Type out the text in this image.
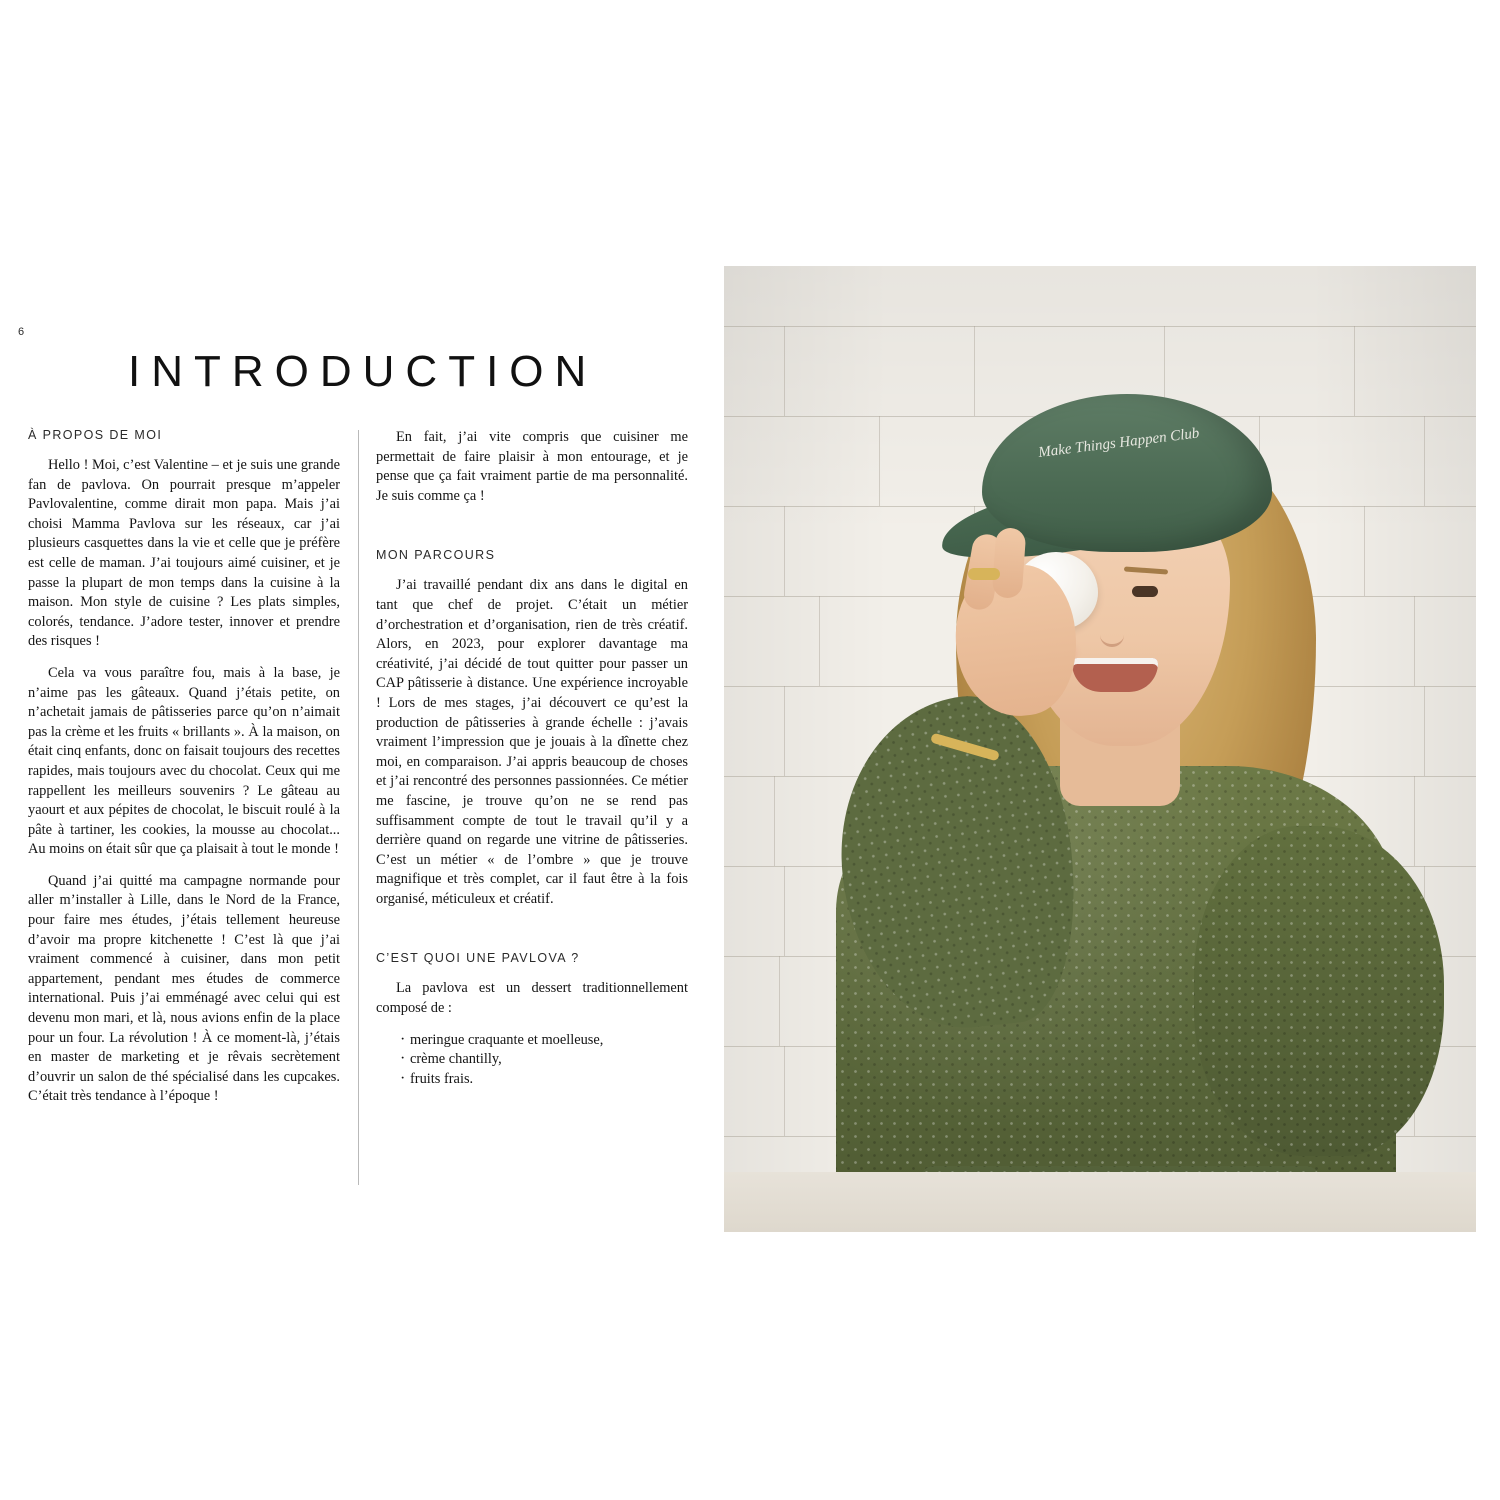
6
INTRODUCTION
À PROPOS DE MOI

Hello ! Moi, c’est Valentine – et je suis une grande fan de pavlova. On pourrait presque m’appeler Pavlovalentine, comme dirait mon papa. Mais j’ai choisi Mamma Pavlova sur les réseaux, car j’ai plusieurs casquettes dans la vie et celle que je préfère est celle de maman. J’ai toujours aimé cuisiner, et je passe la plupart de mon temps dans la cuisine à la maison. Mon style de cuisine ? Les plats simples, colorés, tendance. J’adore tester, innover et prendre des risques !

Cela va vous paraître fou, mais à la base, je n’aime pas les gâteaux. Quand j’étais petite, on n’achetait jamais de pâtisseries parce qu’on n’aimait pas la crème et les fruits « brillants ». À la maison, on était cinq enfants, donc on faisait toujours des recettes rapides, mais toujours avec du chocolat. Ceux qui me rappellent les meilleurs souvenirs ? Le gâteau au yaourt et aux pépites de chocolat, le biscuit roulé à la pâte à tartiner, les cookies, la mousse au chocolat... Au moins on était sûr que ça plaisait à tout le monde !

Quand j’ai quitté ma campagne normande pour aller m’installer à Lille, dans le Nord de la France, pour faire mes études, j’étais tellement heureuse d’avoir ma propre kitchenette ! C’est là que j’ai vraiment commencé à cuisiner, dans mon petit appartement, pendant mes études de commerce international. Puis j’ai emménagé avec celui qui est devenu mon mari, et là, nous avions enfin de la place pour un four. La révolution ! À ce moment-là, j’étais en master de marketing et je rêvais secrètement d’ouvrir un salon de thé spécialisé dans les cupcakes. C’était très tendance à l’époque !

En fait, j’ai vite compris que cuisiner me permettait de faire plaisir à mon entourage, et je pense que ça fait vraiment partie de ma personnalité. Je suis comme ça !

MON PARCOURS

J’ai travaillé pendant dix ans dans le digital en tant que chef de projet. C’était un métier d’orchestration et d’organisation, rien de très créatif. Alors, en 2023, pour explorer davantage ma créativité, j’ai décidé de tout quitter pour passer un CAP pâtisserie à distance. Une expérience incroyable ! Lors de mes stages, j’ai découvert ce qu’est la production de pâtisseries à grande échelle : j’avais vraiment l’impression que je jouais à la dînette chez moi, en comparaison. J’ai appris beaucoup de choses et j’ai rencontré des personnes passionnées. Ce métier me fascine, je trouve qu’on ne se rend pas suffisamment compte de tout le travail qu’il y a derrière quand on regarde une vitrine de pâtisseries. C’est un métier « de l’ombre » que je trouve magnifique et très complet, car il faut être à la fois organisé, méticuleux et créatif.

C’EST QUOI UNE PAVLOVA ?

La pavlova est un dessert traditionnellement composé de :

· meringue craquante et moelleuse,
· crème chantilly,
· fruits frais.
Make Things Happen Club
